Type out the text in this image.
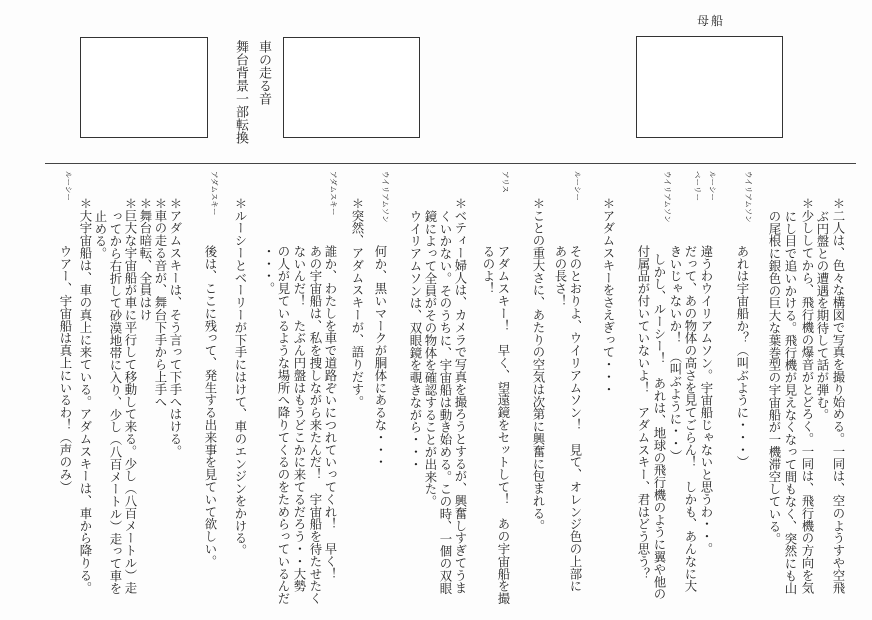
舞台背景一部転換 車の走る音
母船
＊二人は、色々な構図で写真を撮り始める。一同は、空のようすや空飛
ぶ円盤との遭遇を期待して話が弾む。
＊少ししてから、飛行機の爆音がとどろく。一同は、飛行機の方向を気
にし目で追いかける。飛行機が見えなくなって間もなく、突然にも山
の尾根に銀色の巨大な葉巻型の宇宙船が一機滞空している。
ウイリアムソン
あれは宇宙船か？（叫ぶように・・・）
ルーシー
違うわウイリアムソン。宇宙船じゃないと思うわ・・。
ベーリー
だって、あの物体の高さを見てごらん！　しかも、あんなに大
きいじゃないか！　（叫ぶように・・）
ウイリアムソン
しかし、ルーシー！　あれは、地球の飛行機のように翼や他の
付属品が付いていないよ！　アダムスキー、君はどう思う？
＊アダムスキーをさえぎって・・・
ルーシー
そのとおりよ、ウイリアムソン！　見て、オレンジ色の上部に
あの長さ！
＊ことの重大さに、あたりの空気は次第に興奮に包まれる。
アリス
アダムスキー！　早く、望遠鏡をセットして！　あの宇宙船を撮
るのよ！
＊ベティー婦人は、カメラで写真を撮ろうとするが、興奮しすぎてうま
くいかない。そのうちに、宇宙船は動き始める。この時、一個の双眼
鏡によって全員がその物体を確認することが出来た。
ウイリアムソンは、双眼鏡を覗きながら・・・
ウイリアムソン
何か、黒いマークが胴体にあるな・・・
＊突然、アダムスキーが、語りだす。
アダムスキー
誰か、わたしを車で道路ぞいにつれていってくれ！　早く！
あの宇宙船は、私を捜しながら来たんだ！　宇宙船を待たせたく
ないんだ！　たぶん円盤はもうどこかに来てるだろう・・大勢
の人が見ているような場所へ降りてくるのをためらっているんだ
・・・。
＊ルーシーとベーリーが下手にはけて、車のエンジンをかける。
アダムスキー
後は、ここに残って、発生する出来事を見ていて欲しい。
＊アダムスキーは、そう言って下手へはける。
＊車の走る音が、舞台下手から上手へ
＊舞台暗転、全員はけ
＊巨大な宇宙船が車に平行して移動して来る。少し（八百メートル）走
ってから右折して砂漠地帯に入り、少し（八百メートル）走って車を
止める。
＊大宇宙船は、車の真上に来ている。アダムスキーは、車から降りる。
ルーシー
ウアー、宇宙船は真上にいるわ！（声のみ）
